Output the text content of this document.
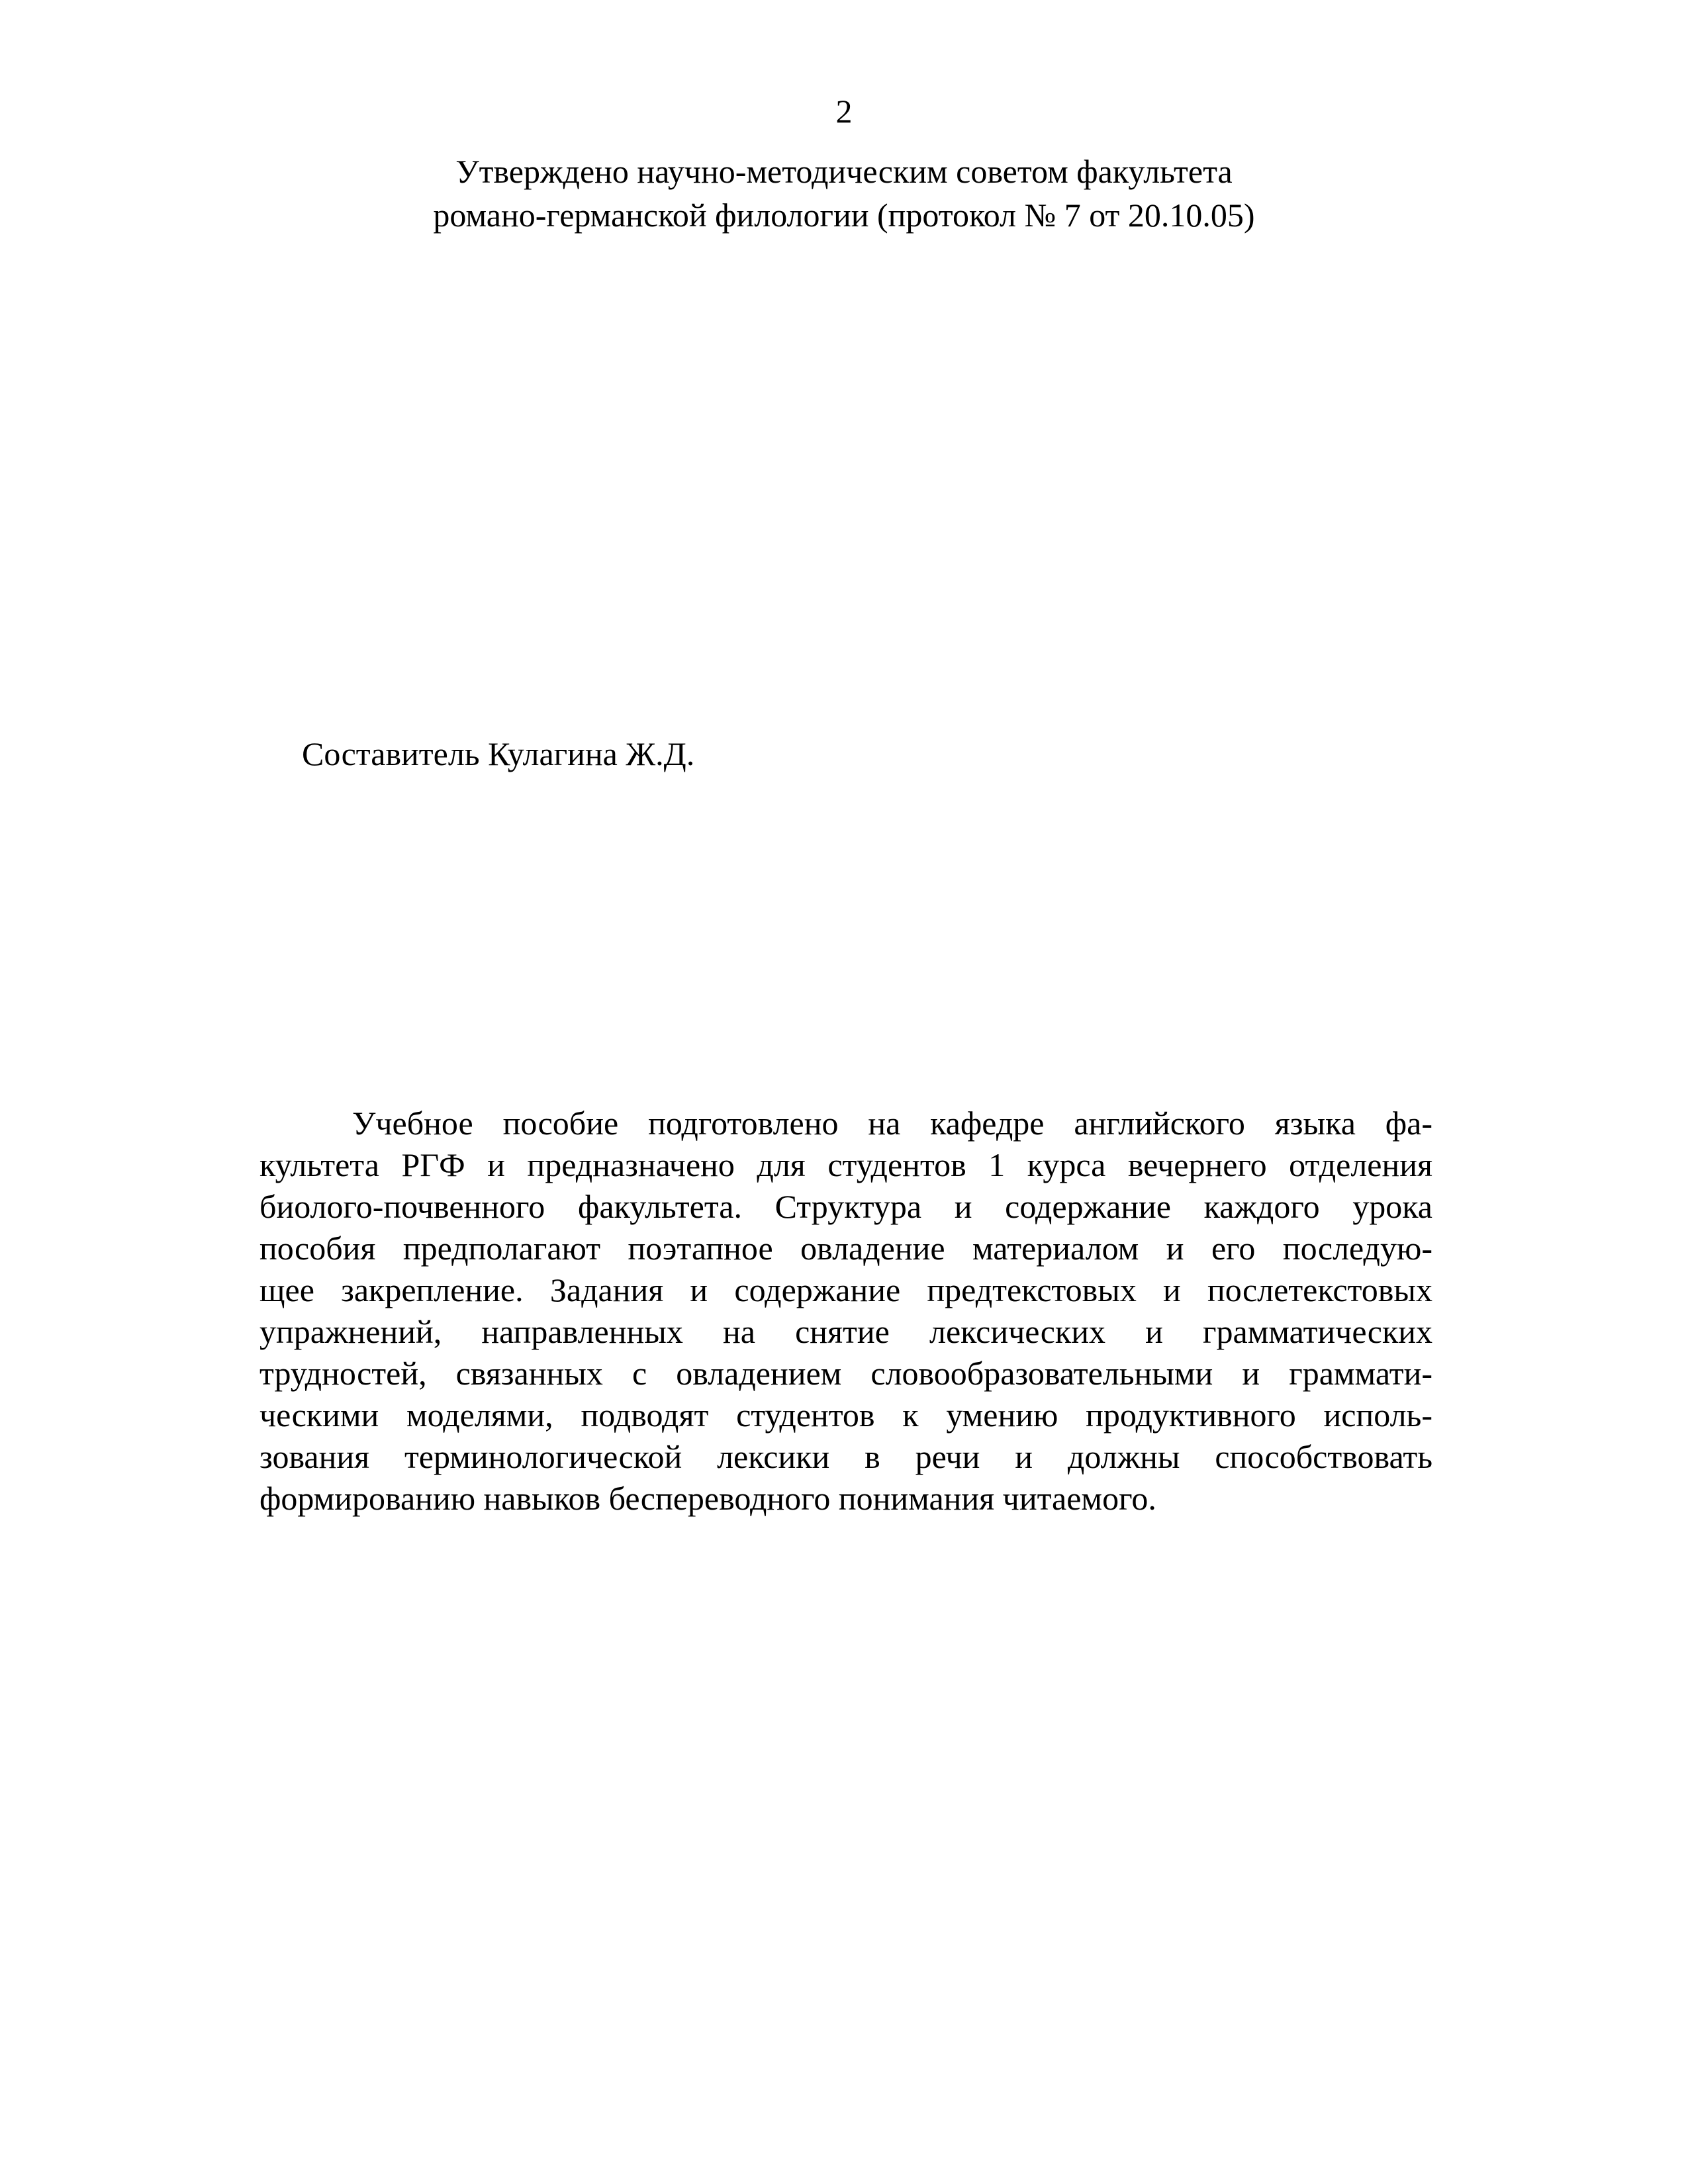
2
Утверждено научно-методическим советом факультета
романо-германской филологии (протокол № 7 от 20.10.05)
Составитель Кулагина Ж.Д.
Учебное пособие подготовлено на кафедре английского языка фа-
культета РГФ и предназначено для студентов 1 курса вечернего отделения
биолого-почвенного факультета. Структура и содержание каждого урока
пособия предполагают поэтапное овладение материалом и его последую-
щее закрепление. Задания и содержание предтекстовых и послетекстовых
упражнений, направленных на снятие лексических и грамматических
трудностей, связанных с овладением словообразовательными и граммати-
ческими моделями, подводят студентов к умению продуктивного исполь-
зования терминологической лексики в речи и должны способствовать
формированию навыков беспереводного понимания читаемого.
